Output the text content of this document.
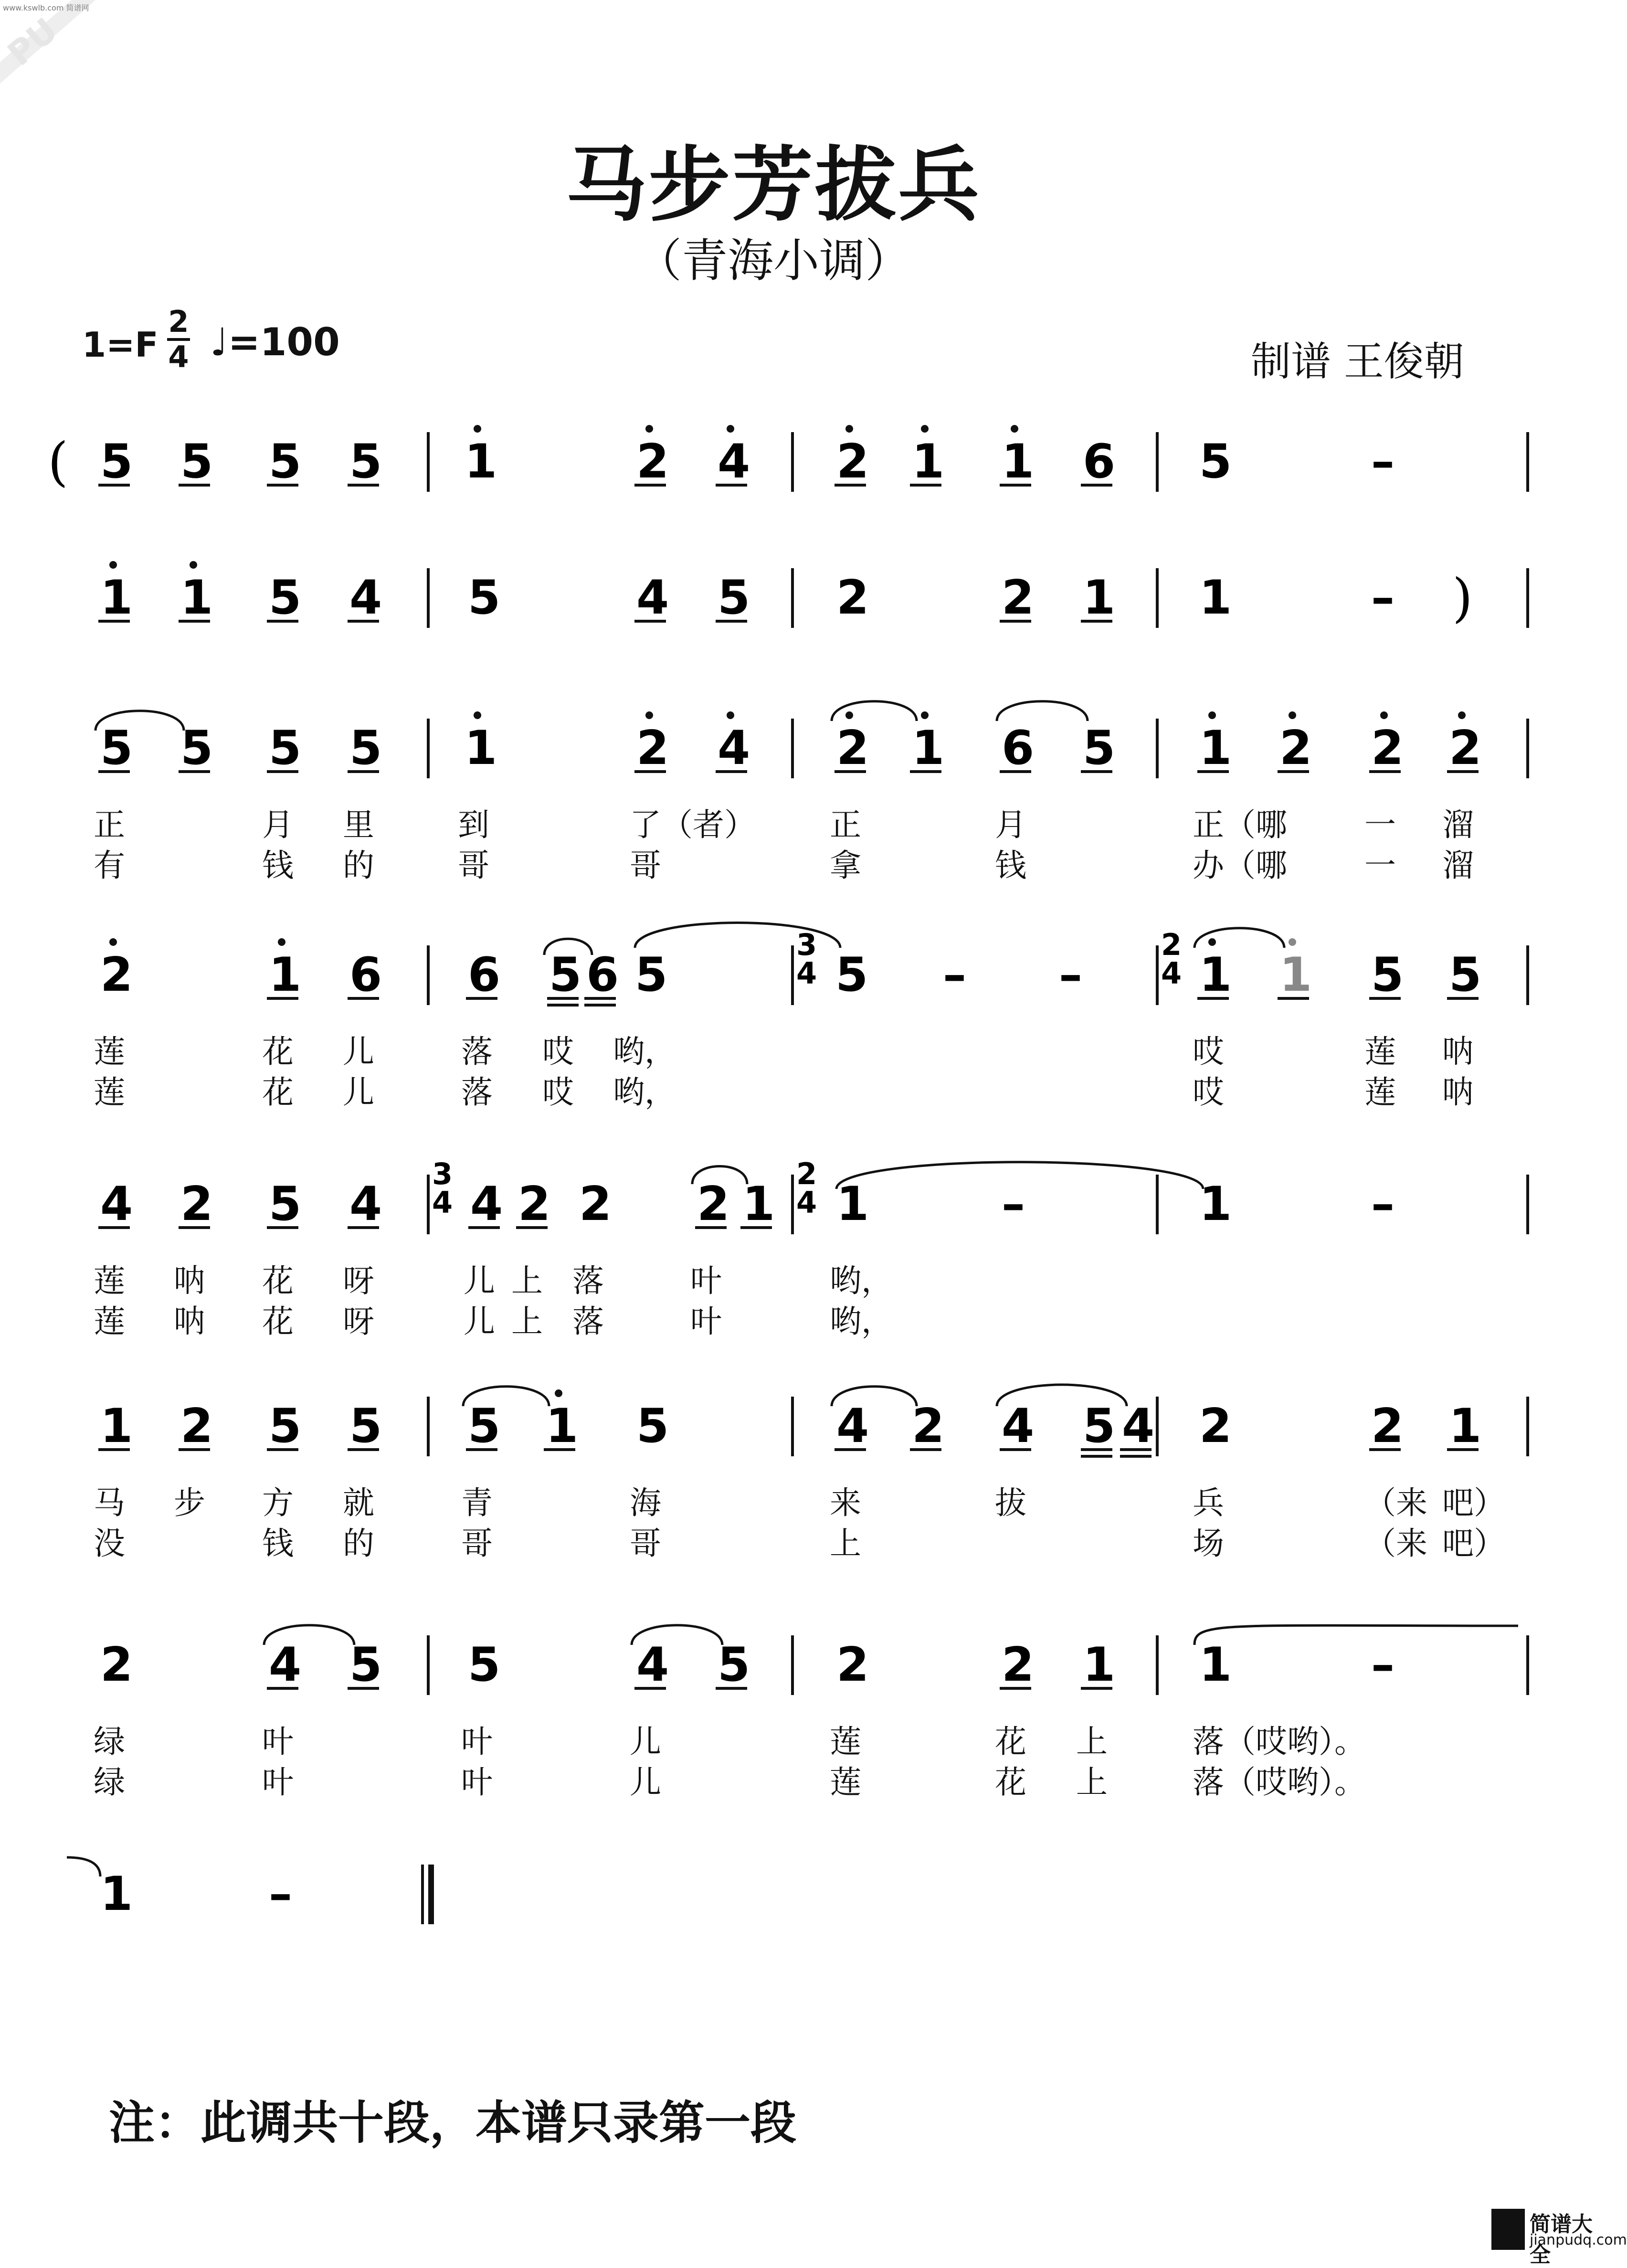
PU
www.kswlb.com 简谱网
马步芳拔兵
（青海小调）
1=F
2
4 ♩=100	制谱 王俊朝
( 5 5 5 5 1	2 4 2 1 1 6 5	–
1 1 5 4 5	4 5 2	2 1 1	– )
5 5 5 5 1	2 4 2 1 6 5 1 2 2 2
正	月 里	到	了（者） 正	月	正（哪 一 溜
有	钱 的	哥	哥	拿	钱	办（哪 一 溜
2	1 6 6 5 6 5	5 – –	1 1 5 5
莲	花 儿	落 哎 哟，	哎	莲 呐
莲	花 儿	落 哎 哟，	哎	莲 呐
4 2 5 4 4 2 2 2 1 1	–	1	–
莲 呐 花 呀	儿 上 落	叶	哟，
莲 呐 花 呀	儿 上 落	叶	哟，
1 2 5 5 5 1 5	4 2 4 5 4 2	2 1
马 步 方 就	青	海	来	拔	兵	（来 吧）
没	钱 的	哥	哥	上	场	（来 吧）
2	4 5 5	4 5 2	2 1 1	–
绿	叶	叶	儿	莲	花 上	落（哎哟）。
绿	叶	叶	儿	莲	花 上	落（哎哟）。
1	–
3
4
2
4
3
4
2
4
注：此调共十段，本谱只录第一段
简谱大全
jianpudq.com
